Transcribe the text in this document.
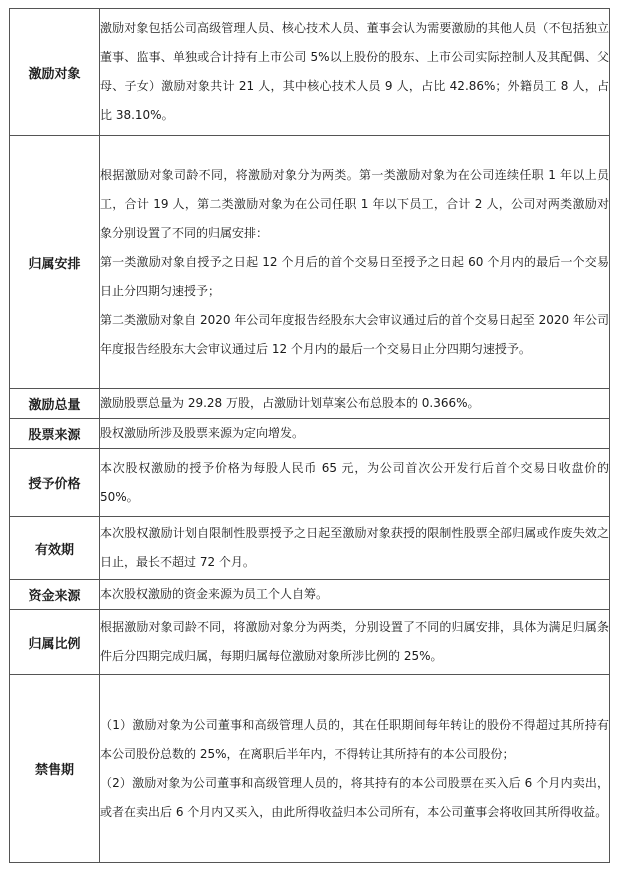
激励对象	激励对象包括公司高级管理人员、核心技术人员、董事会认为需要激励的其他人员（不包括独立董事、监事、单独或合计持有上市公司 5%以上股份的股东、上市公司实际控制人及其配偶、父母、子女）激励对象共计 21 人，其中核心技术人员 9 人，占比 42.86%；外籍员工 8 人，占比 38.10%。

归属安排	根据激励对象司龄不同，将激励对象分为两类。第一类激励对象为在公司连续任职 1 年以上员工，合计 19 人，第二类激励对象为在公司任职 1 年以下员工，合计 2 人，公司对两类激励对象分别设置了不同的归属安排：

第一类激励对象自授予之日起 12 个月后的首个交易日至授予之日起 60 个月内的最后一个交易日止分四期匀速授予；

第二类激励对象自 2020 年公司年度报告经股东大会审议通过后的首个交易日起至 2020 年公司年度报告经股东大会审议通过后 12 个月内的最后一个交易日止分四期匀速授予。

激励总量	激励股票总量为 29.28 万股，占激励计划草案公布总股本的 0.366%。

股票来源	股权激励所涉及股票来源为定向增发。

授予价格	本次股权激励的授予价格为每股人民币 65 元，为公司首次公开发行后首个交易日收盘价的 50%。

有效期	本次股权激励计划自限制性股票授予之日起至激励对象获授的限制性股票全部归属或作废失效之日止，最长不超过 72 个月。

资金来源	本次股权激励的资金来源为员工个人自筹。

归属比例	根据激励对象司龄不同，将激励对象分为两类，分别设置了不同的归属安排，具体为满足归属条件后分四期完成归属，每期归属每位激励对象所涉比例的 25%。

禁售期	（1）激励对象为公司董事和高级管理人员的，其在任职期间每年转让的股份不得超过其所持有本公司股份总数的 25%，在离职后半年内，不得转让其所持有的本公司股份；

（2）激励对象为公司董事和高级管理人员的，将其持有的本公司股票在买入后 6 个月内卖出，或者在卖出后 6 个月内又买入，由此所得收益归本公司所有，本公司董事会将收回其所得收益。
